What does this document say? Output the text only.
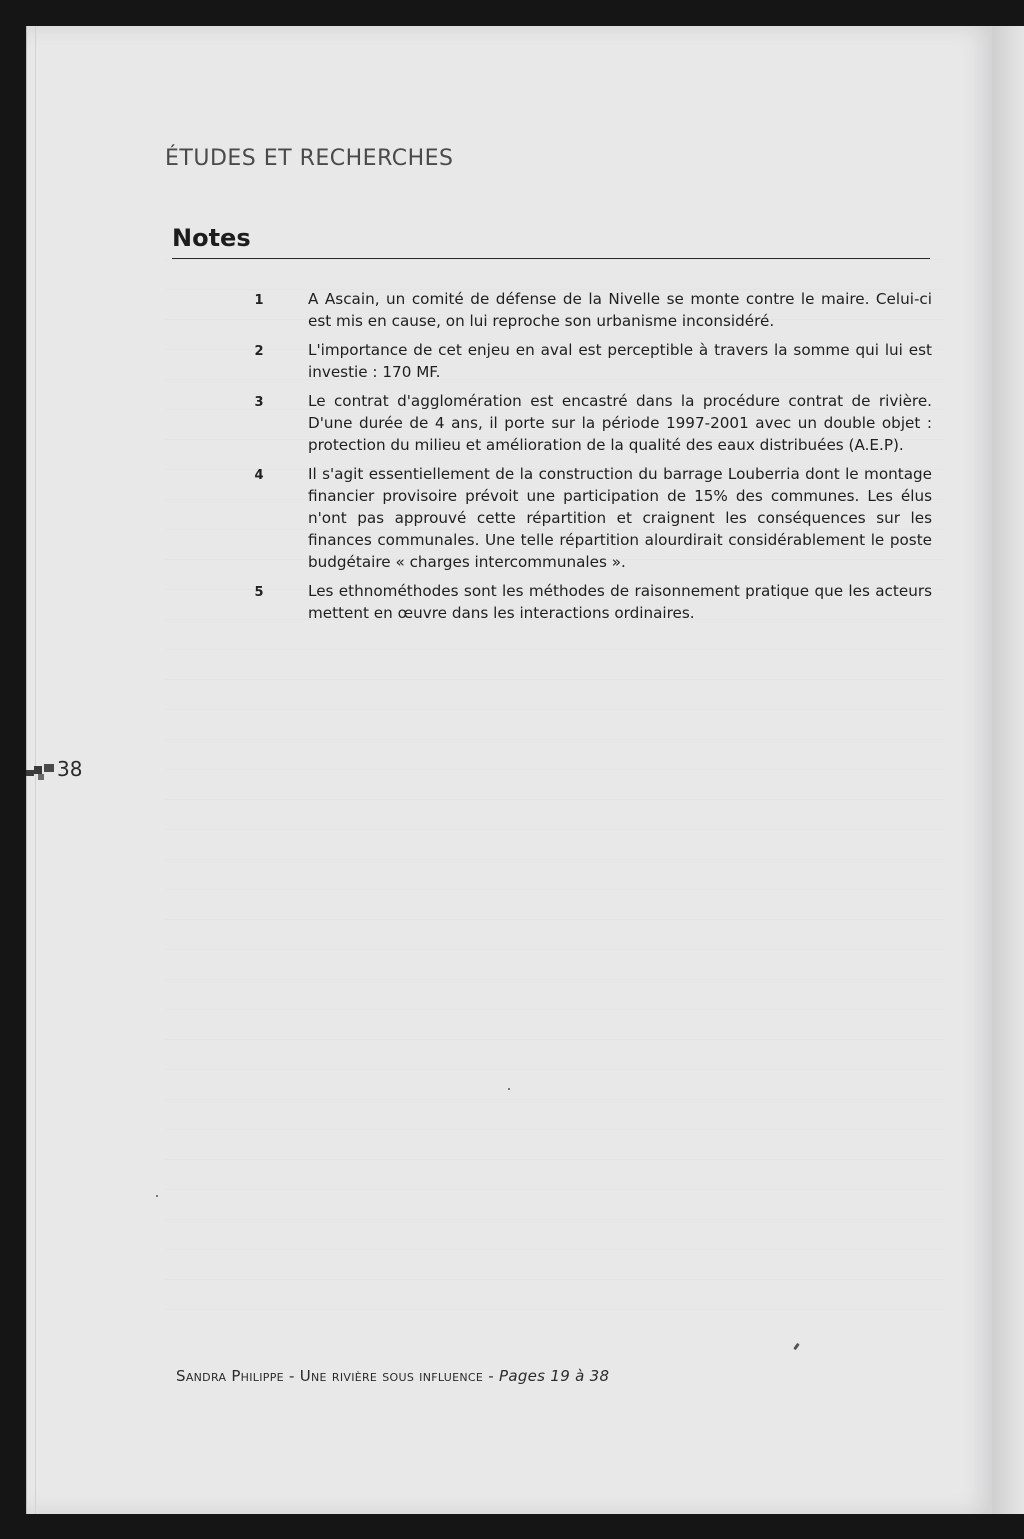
ÉTUDES ET RECHERCHES
Notes
1	A Ascain, un comité de défense de la Nivelle se monte contre le maire. Celui-ci est mis en cause, on lui reproche son urbanisme inconsidéré.
2	L'importance de cet enjeu en aval est perceptible à travers la somme qui lui est investie : 170 MF.
3	Le contrat d'agglomération est encastré dans la procédure contrat de rivière. D'une durée de 4 ans, il porte sur la période 1997-2001 avec un double objet : protection du milieu et amélioration de la qualité des eaux distribuées (A.E.P).
4	Il s'agit essentiellement de la construction du barrage Louberria dont le montage financier provisoire prévoit une participation de 15% des communes. Les élus n'ont pas approuvé cette répartition et craignent les conséquences sur les finances communales. Une telle répartition alourdirait considérablement le poste budgétaire « charges intercommunales ».
5	Les ethnométhodes sont les méthodes de raisonnement pratique que les acteurs mettent en œuvre dans les interactions ordinaires.
38
Sandra Philippe - Une rivière sous influence - Pages 19 à 38
